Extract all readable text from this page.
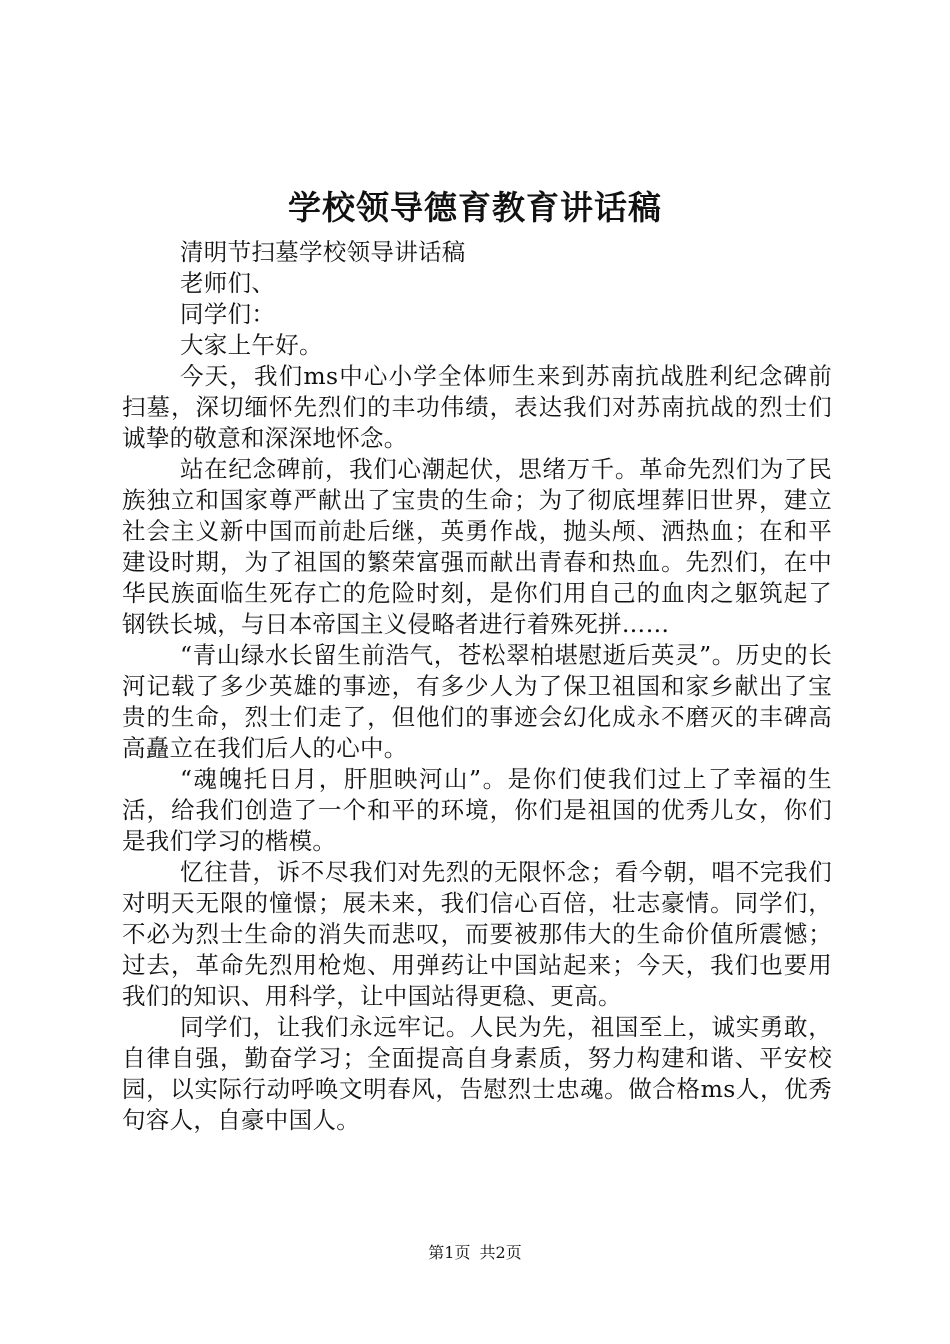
学校领导德育教育讲话稿

清明节扫墓学校领导讲话稿

老师们、

同学们：

大家上午好。

今天，我们ms中心小学全体师生来到苏南抗战胜利纪念碑前扫墓，深切缅怀先烈们的丰功伟绩，表达我们对苏南抗战的烈士们诚挚的敬意和深深地怀念。

站在纪念碑前，我们心潮起伏，思绪万千。革命先烈们为了民族独立和国家尊严献出了宝贵的生命；为了彻底埋葬旧世界，建立社会主义新中国而前赴后继，英勇作战，抛头颅、洒热血；在和平建设时期，为了祖国的繁荣富强而献出青春和热血。先烈们，在中华民族面临生死存亡的危险时刻，是你们用自己的血肉之躯筑起了钢铁长城，与日本帝国主义侵略者进行着殊死拼……

“青山绿水长留生前浩气，苍松翠柏堪慰逝后英灵”。历史的长河记载了多少英雄的事迹，有多少人为了保卫祖国和家乡献出了宝贵的生命，烈士们走了，但他们的事迹会幻化成永不磨灭的丰碑高高矗立在我们后人的心中。

“魂魄托日月，肝胆映河山”。是你们使我们过上了幸福的生活，给我们创造了一个和平的环境，你们是祖国的优秀儿女，你们是我们学习的楷模。

忆往昔，诉不尽我们对先烈的无限怀念；看今朝，唱不完我们对明天无限的憧憬；展未来，我们信心百倍，壮志豪情。同学们，不必为烈士生命的消失而悲叹，而要被那伟大的生命价值所震憾；过去，革命先烈用枪炮、用弹药让中国站起来；今天，我们也要用我们的知识、用科学，让中国站得更稳、更高。

同学们，让我们永远牢记。人民为先，祖国至上，诚实勇敢，自律自强，勤奋学习；全面提高自身素质，努力构建和谐、平安校园，以实际行动呼唤文明春风，告慰烈士忠魂。做合格ms人，优秀句容人，自豪中国人。

第1页 共2页
